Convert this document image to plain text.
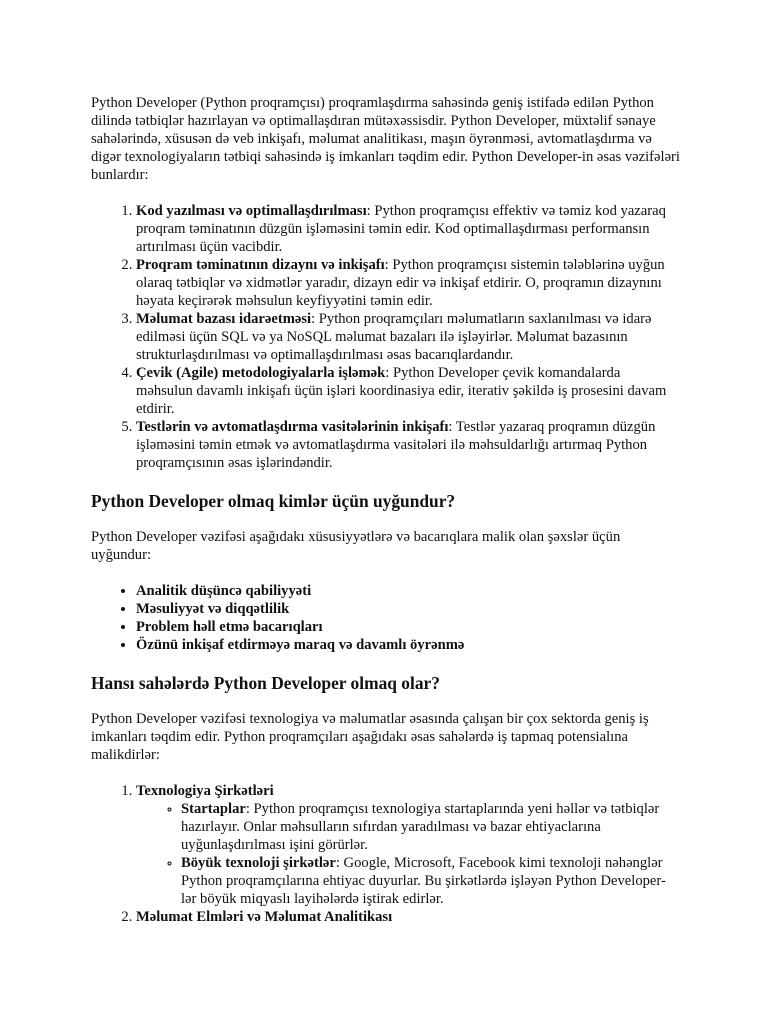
Python Developer (Python proqramçısı) proqramlaşdırma sahəsində geniş istifadə edilən Python dilində tətbiqlər hazırlayan və optimallaşdıran mütəxəssisdir. Python Developer, müxtəlif sənaye sahələrində, xüsusən də veb inkişafı, məlumat analitikası, maşın öyrənməsi, avtomatlaşdırma və digər texnologiyaların tətbiqi sahəsində iş imkanları təqdim edir. Python Developer-in əsas vəzifələri bunlardır:

1. Kod yazılması və optimallaşdırılması: Python proqramçısı effektiv və təmiz kod yazaraq proqram təminatının düzgün işləməsini təmin edir. Kod optimallaşdırması performansın artırılması üçün vacibdir.
2. Proqram təminatının dizaynı və inkişafı: Python proqramçısı sistemin tələblərinə uyğun olaraq tətbiqlər və xidmətlər yaradır, dizayn edir və inkişaf etdirir. O, proqramın dizaynını həyata keçirərək məhsulun keyfiyyətini təmin edir.
3. Məlumat bazası idarəetməsi: Python proqramçıları məlumatların saxlanılması və idarə edilməsi üçün SQL və ya NoSQL məlumat bazaları ilə işləyirlər. Məlumat bazasının strukturlaşdırılması və optimallaşdırılması əsas bacarıqlardandır.
4. Çevik (Agile) metodologiyalarla işləmək: Python Developer çevik komandalarda məhsulun davamlı inkişafı üçün işləri koordinasiya edir, iterativ şəkildə iş prosesini davam etdirir.
5. Testlərin və avtomatlaşdırma vasitələrinin inkişafı: Testlər yazaraq proqramın düzgün işləməsini təmin etmək və avtomatlaşdırma vasitələri ilə məhsuldarlığı artırmaq Python proqramçısının əsas işlərindəndir.
Python Developer olmaq kimlər üçün uyğundur?

Python Developer vəzifəsi aşağıdakı xüsusiyyətlərə və bacarıqlara malik olan şəxslər üçün uyğundur:

• Analitik düşüncə qabiliyyəti
• Məsuliyyət və diqqətlilik
• Problem həll etmə bacarıqları
• Özünü inkişaf etdirməyə maraq və davamlı öyrənmə
Hansı sahələrdə Python Developer olmaq olar?

Python Developer vəzifəsi texnologiya və məlumatlar əsasında çalışan bir çox sektorda geniş iş imkanları təqdim edir. Python proqramçıları aşağıdakı əsas sahələrdə iş tapmaq potensialına malikdirlər:

1. Texnologiya Şirkətləri
◦ Startaplar: Python proqramçısı texnologiya startaplarında yeni həllər və tətbiqlər hazırlayır. Onlar məhsulların sıfırdan yaradılması və bazar ehtiyaclarına uyğunlaşdırılması işini görürlər.
◦ Böyük texnoloji şirkətlər: Google, Microsoft, Facebook kimi texnoloji nəhənglər Python proqramçılarına ehtiyac duyurlar. Bu şirkətlərdə işləyən Python Developer-lər böyük miqyaslı layihələrdə iştirak edirlər.
2. Məlumat Elmləri və Məlumat Analitikası
